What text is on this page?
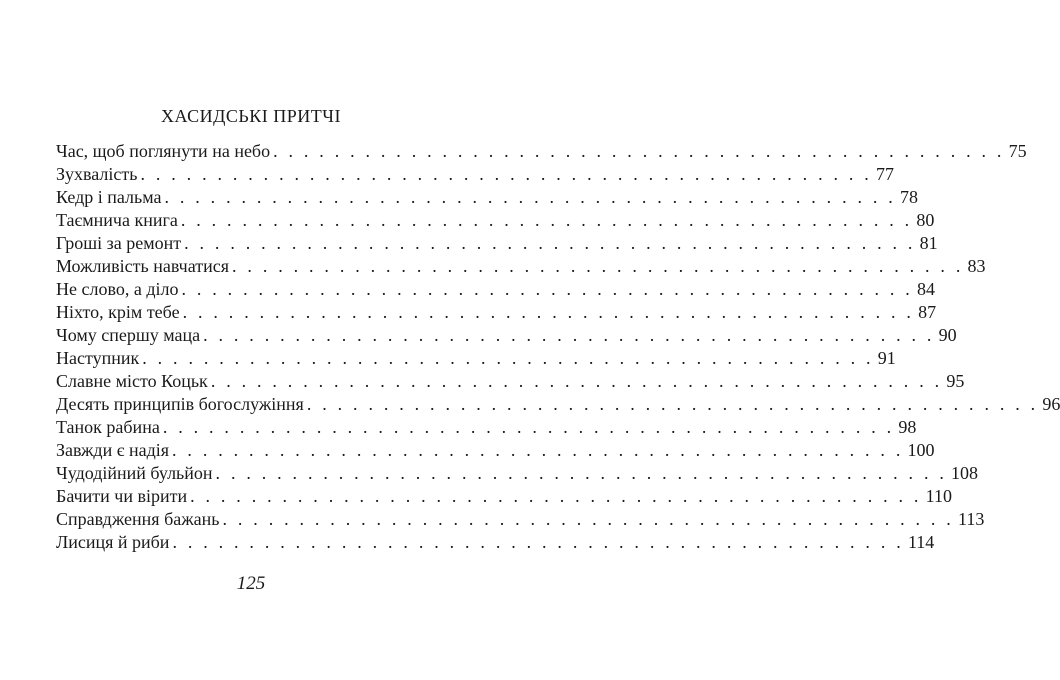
ХАСИДСЬКІ ПРИТЧІ
Час, щоб поглянути на небо . . . . . . . . . . . . . . . . . . . . . . . . . . . . . . . . . . . . . . . . . . . . . . . . 75
Зухвалість . . . . . . . . . . . . . . . . . . . . . . . . . . . . . . . . . . . . . . . . . . . . . . . . 77
Кедр і пальма . . . . . . . . . . . . . . . . . . . . . . . . . . . . . . . . . . . . . . . . . . . . . . . . 78
Таємнича книга . . . . . . . . . . . . . . . . . . . . . . . . . . . . . . . . . . . . . . . . . . . . . . . . 80
Гроші за ремонт . . . . . . . . . . . . . . . . . . . . . . . . . . . . . . . . . . . . . . . . . . . . . . . . 81
Можливість навчатися . . . . . . . . . . . . . . . . . . . . . . . . . . . . . . . . . . . . . . . . . . . . . . . . 83
Не слово, а діло . . . . . . . . . . . . . . . . . . . . . . . . . . . . . . . . . . . . . . . . . . . . . . . . 84
Ніхто, крім тебе . . . . . . . . . . . . . . . . . . . . . . . . . . . . . . . . . . . . . . . . . . . . . . . . 87
Чому спершу маца . . . . . . . . . . . . . . . . . . . . . . . . . . . . . . . . . . . . . . . . . . . . . . . . 90
Наступник . . . . . . . . . . . . . . . . . . . . . . . . . . . . . . . . . . . . . . . . . . . . . . . . 91
Славне місто Коцьк . . . . . . . . . . . . . . . . . . . . . . . . . . . . . . . . . . . . . . . . . . . . . . . . 95
Десять принципів богослужіння . . . . . . . . . . . . . . . . . . . . . . . . . . . . . . . . . . . . . . . . . . . . . . . . 96
Танок рабина . . . . . . . . . . . . . . . . . . . . . . . . . . . . . . . . . . . . . . . . . . . . . . . . 98
Завжди є надія . . . . . . . . . . . . . . . . . . . . . . . . . . . . . . . . . . . . . . . . . . . . . . . . 100
Чудодійний бульйон . . . . . . . . . . . . . . . . . . . . . . . . . . . . . . . . . . . . . . . . . . . . . . . . 108
Бачити чи вірити . . . . . . . . . . . . . . . . . . . . . . . . . . . . . . . . . . . . . . . . . . . . . . . . 110
Справдження бажань . . . . . . . . . . . . . . . . . . . . . . . . . . . . . . . . . . . . . . . . . . . . . . . . 113
Лисиця й риби . . . . . . . . . . . . . . . . . . . . . . . . . . . . . . . . . . . . . . . . . . . . . . . . 114
125
